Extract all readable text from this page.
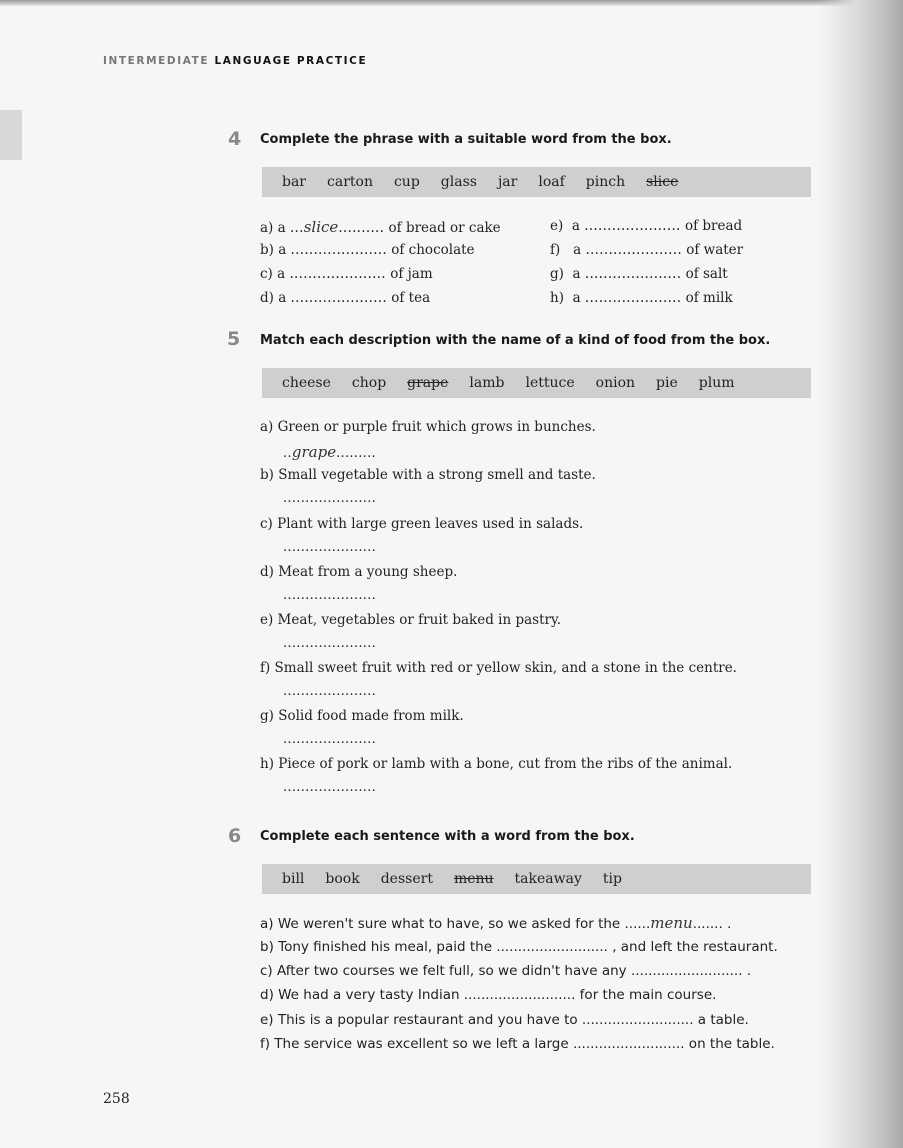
INTERMEDIATE LANGUAGE PRACTICE
4 Complete the phrase with a suitable word from the box.
bar carton cup glass jar loaf pinch slice
a) a ...slice.......... of bread or cake
b) a ..................... of chocolate
c) a ..................... of jam
d) a ..................... of tea
e) a ..................... of bread
f) a ..................... of water
g) a ..................... of salt
h) a ..................... of milk
5 Match each description with the name of a kind of food from the box.
cheese chop grape lamb lettuce onion pie plum
a) Green or purple fruit which grows in bunches.
..grape.........
b) Small vegetable with a strong smell and taste.
.....................
c) Plant with large green leaves used in salads.
.....................
d) Meat from a young sheep.
.....................
e) Meat, vegetables or fruit baked in pastry.
.....................
f) Small sweet fruit with red or yellow skin, and a stone in the centre.
.....................
g) Solid food made from milk.
.....................
h) Piece of pork or lamb with a bone, cut from the ribs of the animal.
.....................
6 Complete each sentence with a word from the box.
bill book dessert menu takeaway tip
a) We weren't sure what to have, so we asked for the ......menu....... .
b) Tony finished his meal, paid the .......................... , and left the restaurant.
c) After two courses we felt full, so we didn't have any .......................... .
d) We had a very tasty Indian .......................... for the main course.
e) This is a popular restaurant and you have to .......................... a table.
f) The service was excellent so we left a large .......................... on the table.
258
